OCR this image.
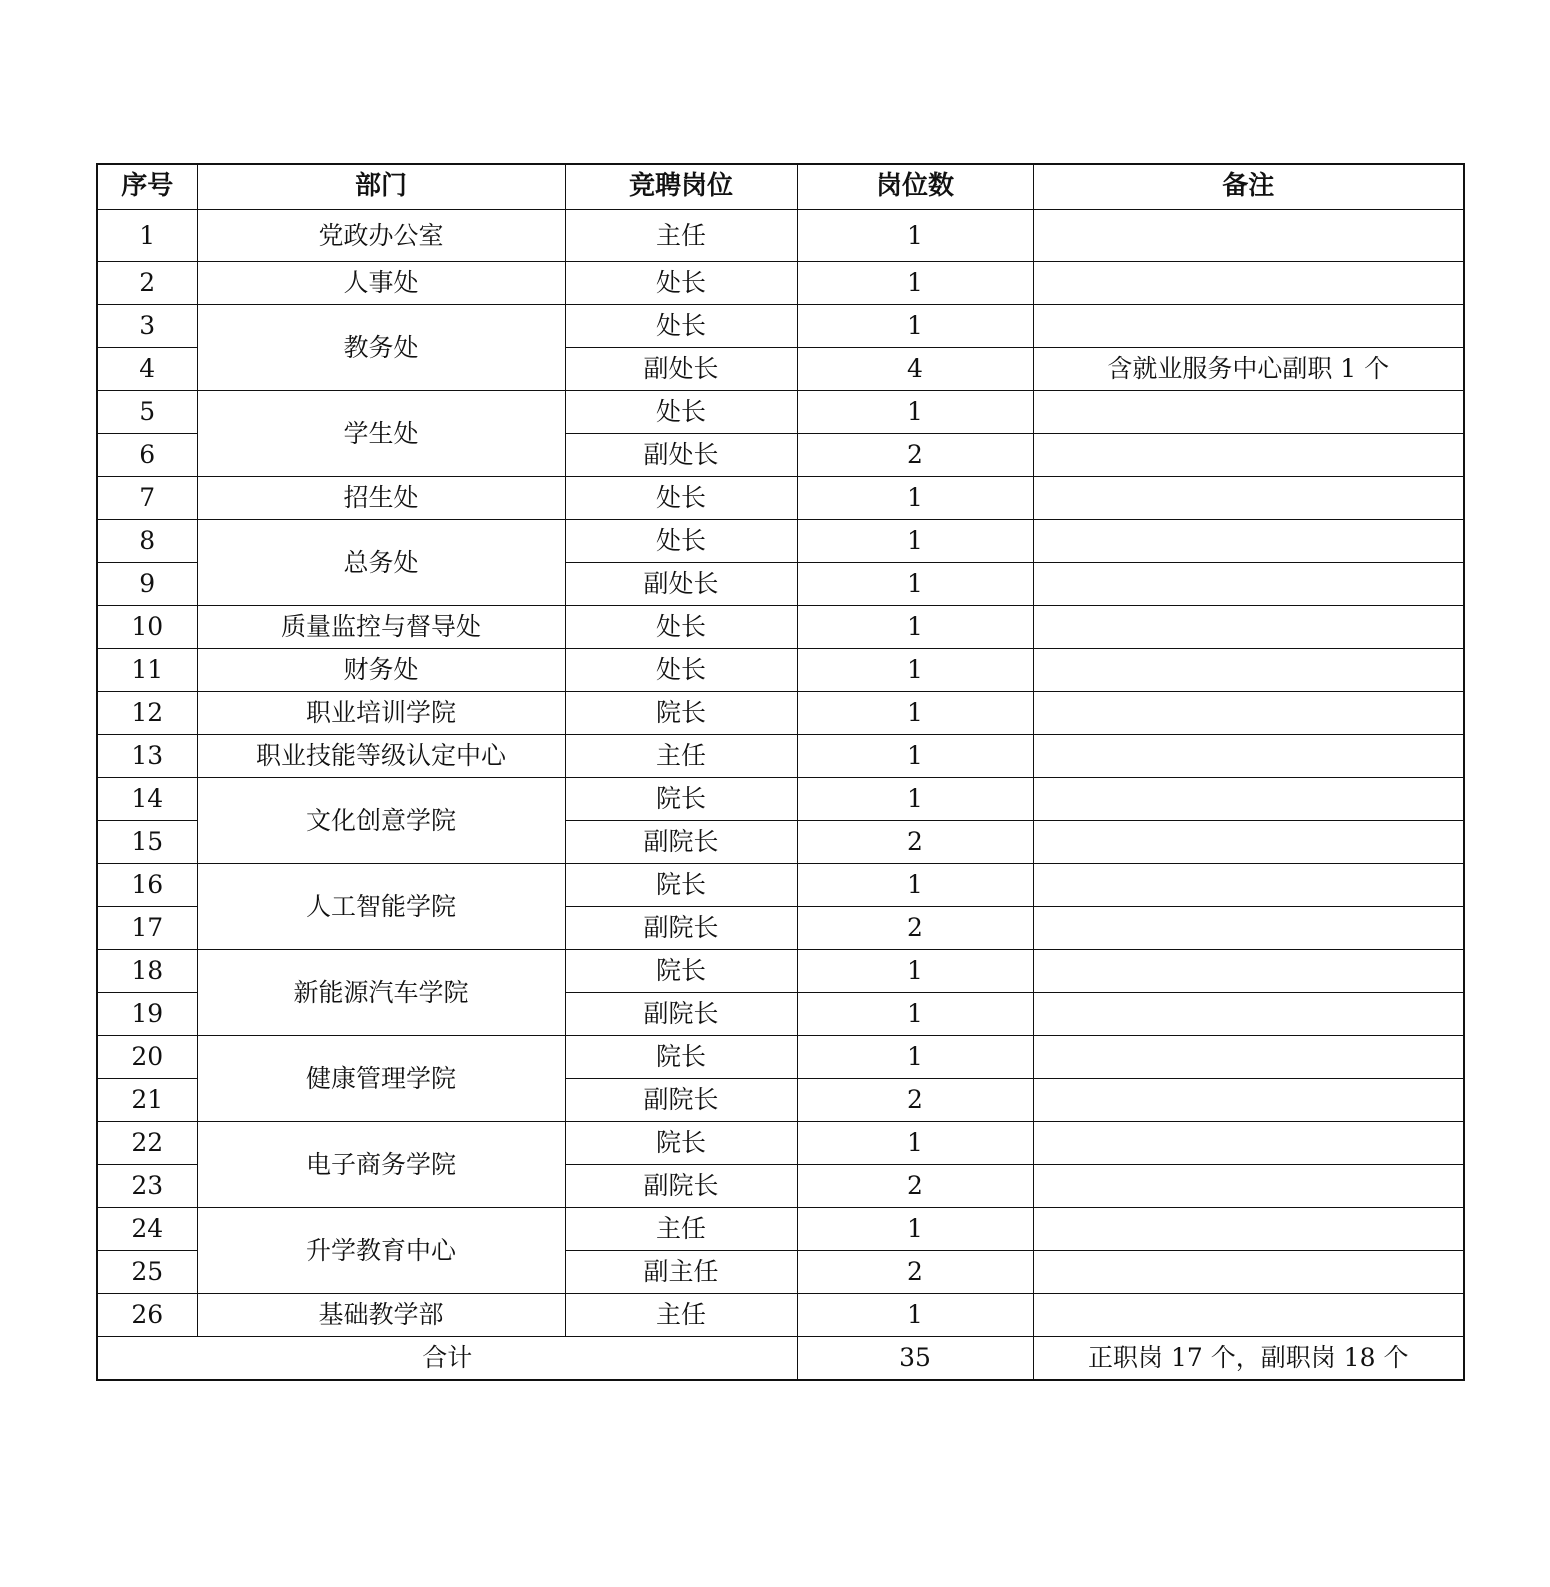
序号	部门	竞聘岗位	岗位数	备注
1	党政办公室	主任	1	
2	人事处	处长	1	
3	教务处	处长	1	
4		副处长	4	含就业服务中心副职 1 个
5	学生处	处长	1	
6		副处长	2	
7	招生处	处长	1	
8	总务处	处长	1	
9		副处长	1	
10	质量监控与督导处	处长	1	
11	财务处	处长	1	
12	职业培训学院	院长	1	
13	职业技能等级认定中心	主任	1	
14	文化创意学院	院长	1	
15		副院长	2	
16	人工智能学院	院长	1	
17		副院长	2	
18	新能源汽车学院	院长	1	
19		副院长	1	
20	健康管理学院	院长	1	
21		副院长	2	
22	电子商务学院	院长	1	
23		副院长	2	
24	升学教育中心	主任	1	
25		副主任	2	
26	基础教学部	主任	1	
合计			35	正职岗 17 个，副职岗 18 个
